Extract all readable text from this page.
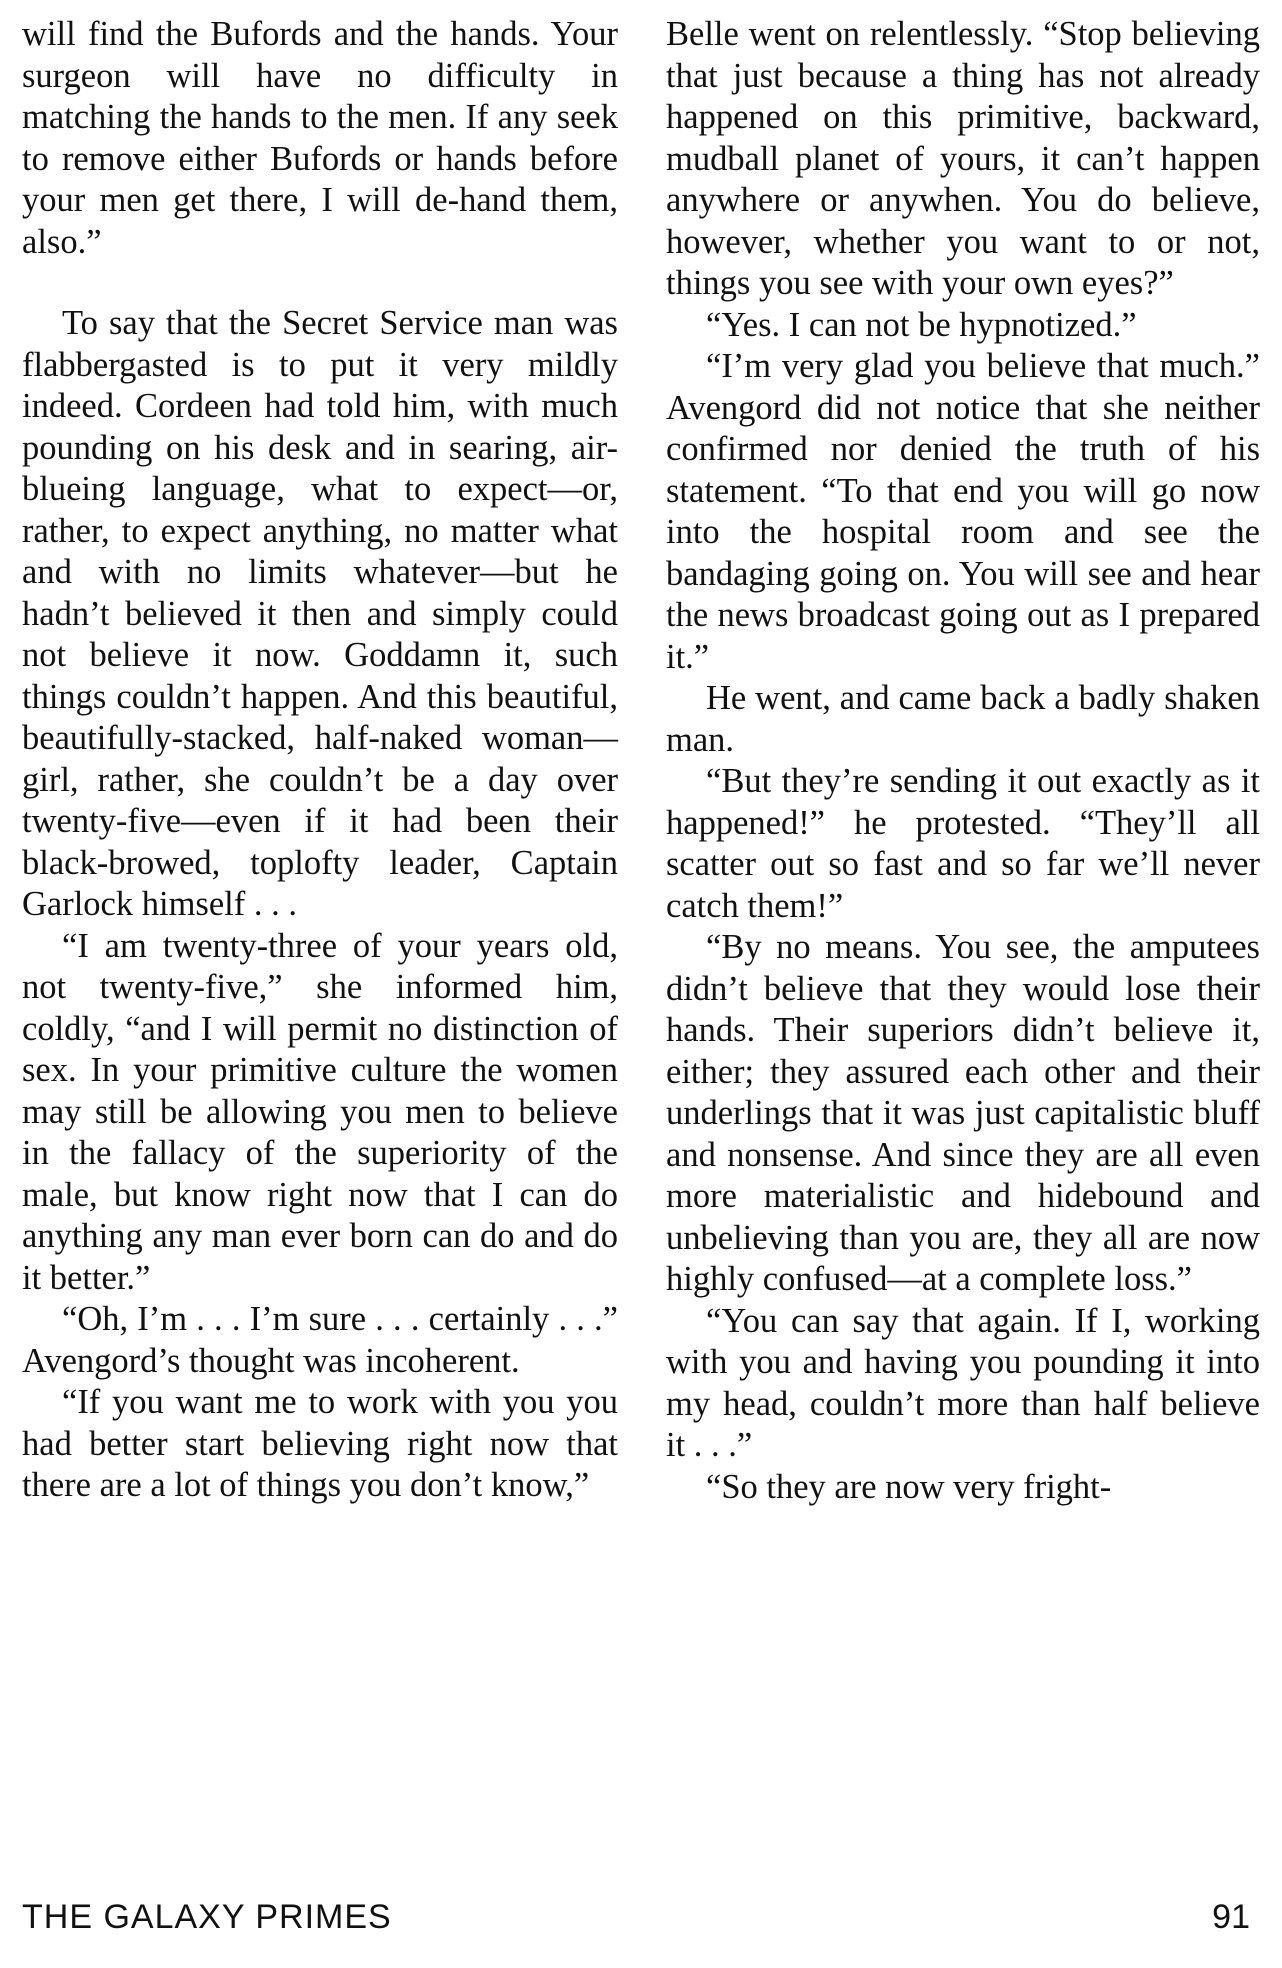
will find the Bufords and the hands. Your surgeon will have no difficulty in matching the hands to the men. If any seek to remove either Bufords or hands before your men get there, I will de-hand them, also.”

To say that the Secret Service man was flabbergasted is to put it very mildly indeed. Cordeen had told him, with much pounding on his desk and in searing, air-blueing language, what to expect—or, rather, to expect anything, no matter what and with no limits whatever—but he hadn’t believed it then and simply could not believe it now. Goddamn it, such things couldn’t happen. And this beautiful, beautifully-stacked, half-naked woman—girl, rather, she couldn’t be a day over twenty-five—even if it had been their black-browed, toplofty leader, Captain Garlock himself . . .

“I am twenty-three of your years old, not twenty-five,” she informed him, coldly, “and I will permit no distinction of sex. In your primitive culture the women may still be allowing you men to believe in the fallacy of the superiority of the male, but know right now that I can do anything any man ever born can do and do it better.”

“Oh, I’m . . . I’m sure . . . certainly . . .” Avengord’s thought was incoherent.

“If you want me to work with you you had better start believing right now that there are a lot of things you don’t know,”

Belle went on relentlessly. “Stop believing that just because a thing has not already happened on this primitive, backward, mudball planet of yours, it can’t happen anywhere or anywhen. You do believe, however, whether you want to or not, things you see with your own eyes?”

“Yes. I can not be hypnotized.”

“I’m very glad you believe that much.” Avengord did not notice that she neither confirmed nor denied the truth of his statement. “To that end you will go now into the hospital room and see the bandaging going on. You will see and hear the news broadcast going out as I prepared it.”

He went, and came back a badly shaken man.

“But they’re sending it out exactly as it happened!” he protested. “They’ll all scatter out so fast and so far we’ll never catch them!”

“By no means. You see, the amputees didn’t believe that they would lose their hands. Their superiors didn’t believe it, either; they assured each other and their underlings that it was just capitalistic bluff and nonsense. And since they are all even more materialistic and hidebound and unbelieving than you are, they all are now highly confused—at a complete loss.”

“You can say that again. If I, working with you and having you pounding it into my head, couldn’t more than half believe it . . .”

“So they are now very fright-

THE GALAXY PRIMES	91
